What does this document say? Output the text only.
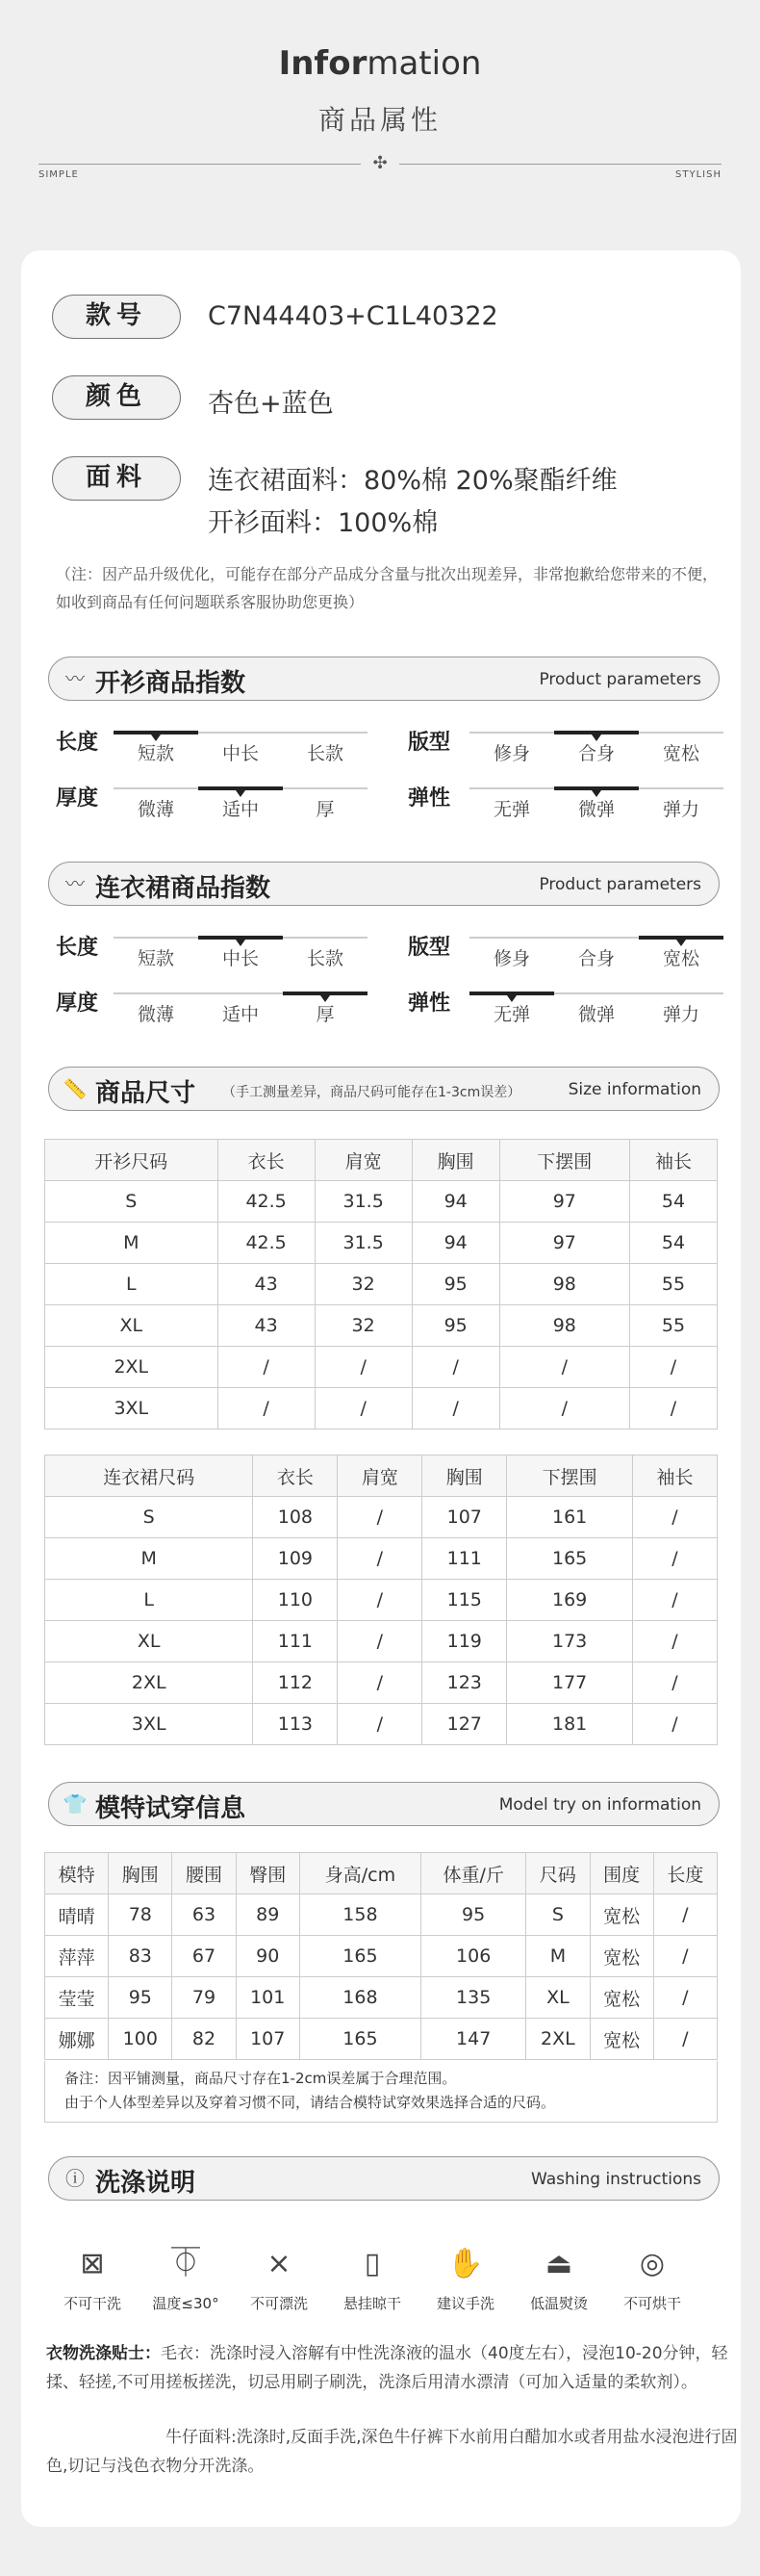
Information
商品属性
✣
SIMPLE	STYLISH
款号	C7N44403+C1L40322
颜色	杏色+蓝色
面料	连衣裙面料：80%棉 20%聚酯纤维
开衫面料：100%棉
（注：因产品升级优化，可能存在部分产品成分含量与批次出现差异，非常抱歉给您带来的不便，如收到商品有任何问题联系客服协助您更换）
〰 开衫商品指数	Product parameters
长度	短款	中长	长款	版型	修身	合身	宽松
厚度	微薄	适中	厚	弹性	无弹	微弹	弹力
〰 连衣裙商品指数	Product parameters
长度	短款	中长	长款	版型	修身	合身	宽松
厚度	微薄	适中	厚	弹性	无弹	微弹	弹力
📏 商品尺寸 （手工测量差异，商品尺码可能存在1-3cm误差）	Size information
开衫尺码	衣长	肩宽	胸围	下摆围	袖长
S	42.5	31.5	94	97	54
M	42.5	31.5	94	97	54
L	43	32	95	98	55
XL	43	32	95	98	55
2XL	/	/	/	/	/
3XL	/	/	/	/	/
连衣裙尺码	衣长	肩宽	胸围	下摆围	袖长
S	108	/	107	161	/
M	109	/	111	165	/
L	110	/	115	169	/
XL	111	/	119	173	/
2XL	112	/	123	177	/
3XL	113	/	127	181	/
👕 模特试穿信息	Model try on information
模特	胸围	腰围	臀围	身高/cm	体重/斤	尺码	围度	长度
晴晴	78	63	89	158	95	S	宽松	/
萍萍	83	67	90	165	106	M	宽松	/
莹莹	95	79	101	168	135	XL	宽松	/
娜娜	100	82	107	165	147	2XL	宽松	/
备注：因平铺测量，商品尺寸存在1-2cm误差属于合理范围。
由于个人体型差异以及穿着习惯不同，请结合模特试穿效果选择合适的尺码。
ⓘ 洗涤说明	Washing instructions
⊠
不可干洗
⏁
温度≤30°
⨯
不可漂洗
▯
悬挂晾干
✋
建议手洗
⏏
低温熨烫
◎
不可烘干
衣物洗涤贴士：毛衣：洗涤时浸入溶解有中性洗涤液的温水（40度左右），浸泡10-20分钟，轻揉、轻搓,不可用搓板搓洗，切忌用刷子刷洗，洗涤后用清水漂清（可加入适量的柔软剂）。
牛仔面料:洗涤时,反面手洗,深色牛仔裤下水前用白醋加水或者用盐水浸泡进行固色,切记与浅色衣物分开洗涤。
